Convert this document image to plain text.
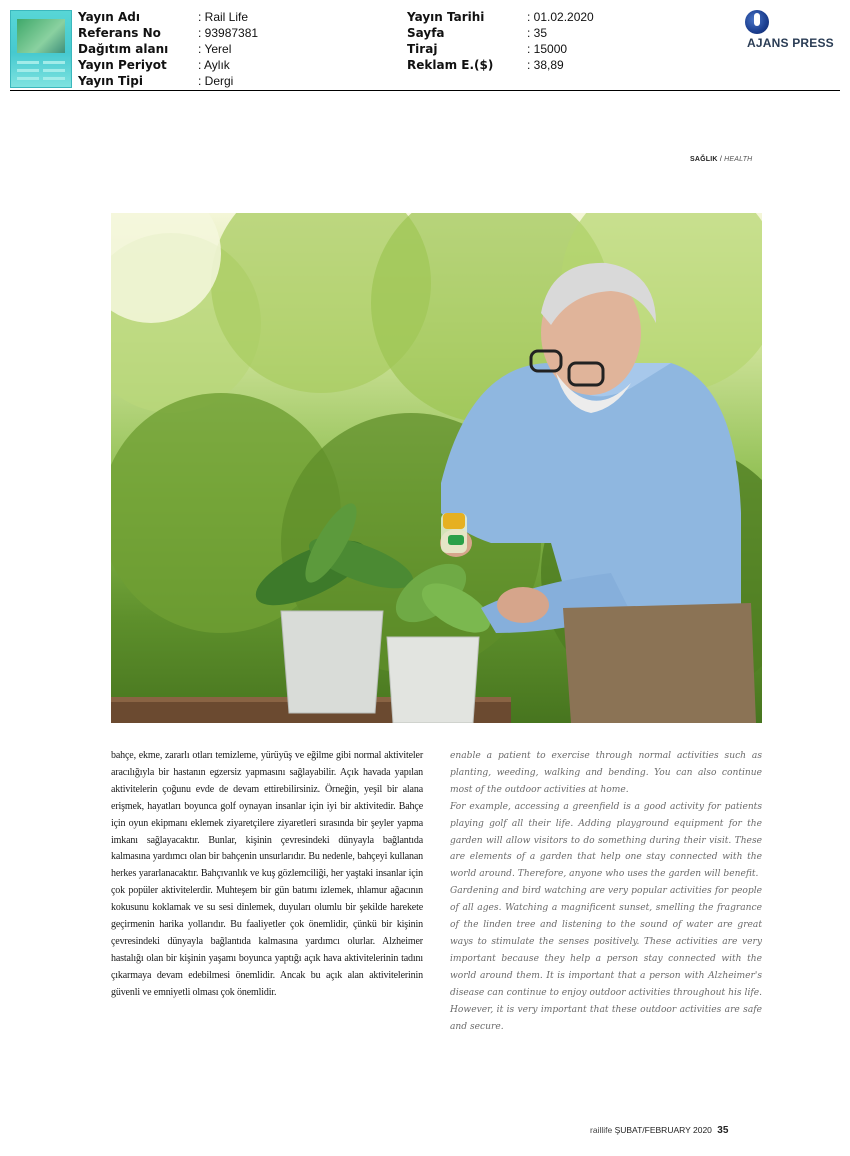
Yayın Adı	: Rail Life
Referans No	: 93987381
Dağıtım alanı	: Yerel
Yayın Periyot	: Aylık
Yayın Tipi	: Dergi
Yayın Tarihi	: 01.02.2020
Sayfa	: 35
Tiraj	: 15000
Reklam E.($)	: 38,89
AJANS PRESS
SAĞLIK / HEALTH

bahçe, ekme, zararlı otları temizleme, yürüyüş ve eğilme gibi normal aktiviteler aracılığıyla bir hastanın egzersiz yapmasını sağlayabilir. Açık havada yapılan aktivitelerin çoğunu evde de devam ettirebilirsiniz. Örneğin, yeşil bir alana erişmek, hayatları boyunca golf oynayan insanlar için iyi bir aktivitedir. Bahçe için oyun ekipmanı eklemek ziyaretçilere ziyaretleri sırasında bir şeyler yapma imkanı sağlayacaktır. Bunlar, kişinin çevresindeki dünyayla bağlantıda kalmasına yardımcı olan bir bahçenin unsurlarıdır. Bu nedenle, bahçeyi kullanan herkes yararlanacaktır. Bahçıvanlık ve kuş gözlemciliği, her yaştaki insanlar için çok popüler aktivitelerdir. Muhteşem bir gün batımı izlemek, ıhlamur ağacının kokusunu koklamak ve su sesi dinlemek, duyuları olumlu bir şekilde harekete geçirmenin harika yollarıdır. Bu faaliyetler çok önemlidir, çünkü bir kişinin çevresindeki dünyayla bağlantıda kalmasına yardımcı olurlar. Alzheimer hastalığı olan bir kişinin yaşamı boyunca yaptığı açık hava aktivitelerinin tadını çıkarmaya devam edebilmesi önemlidir. Ancak bu açık alan aktivitelerinin güvenli ve emniyetli olması çok önemlidir.

enable a patient to exercise through normal activities such as planting, weeding, walking and bending. You can also continue most of the outdoor activities at home.

For example, accessing a greenfield is a good activity for patients playing golf all their life. Adding playground equipment for the garden will allow visitors to do something during their visit. These are elements of a garden that help one stay connected with the world around. Therefore, anyone who uses the garden will benefit.

Gardening and bird watching are very popular activities for people of all ages. Watching a magnificent sunset, smelling the fragrance of the linden tree and listening to the sound of water are great ways to stimulate the senses positively. These activities are very important because they help a person stay connected with the world around them. It is important that a person with Alzheimer's disease can continue to enjoy outdoor activities throughout his life. However, it is very important that these outdoor activities are safe and secure.

raillife ŞUBAT/FEBRUARY 2020 35
